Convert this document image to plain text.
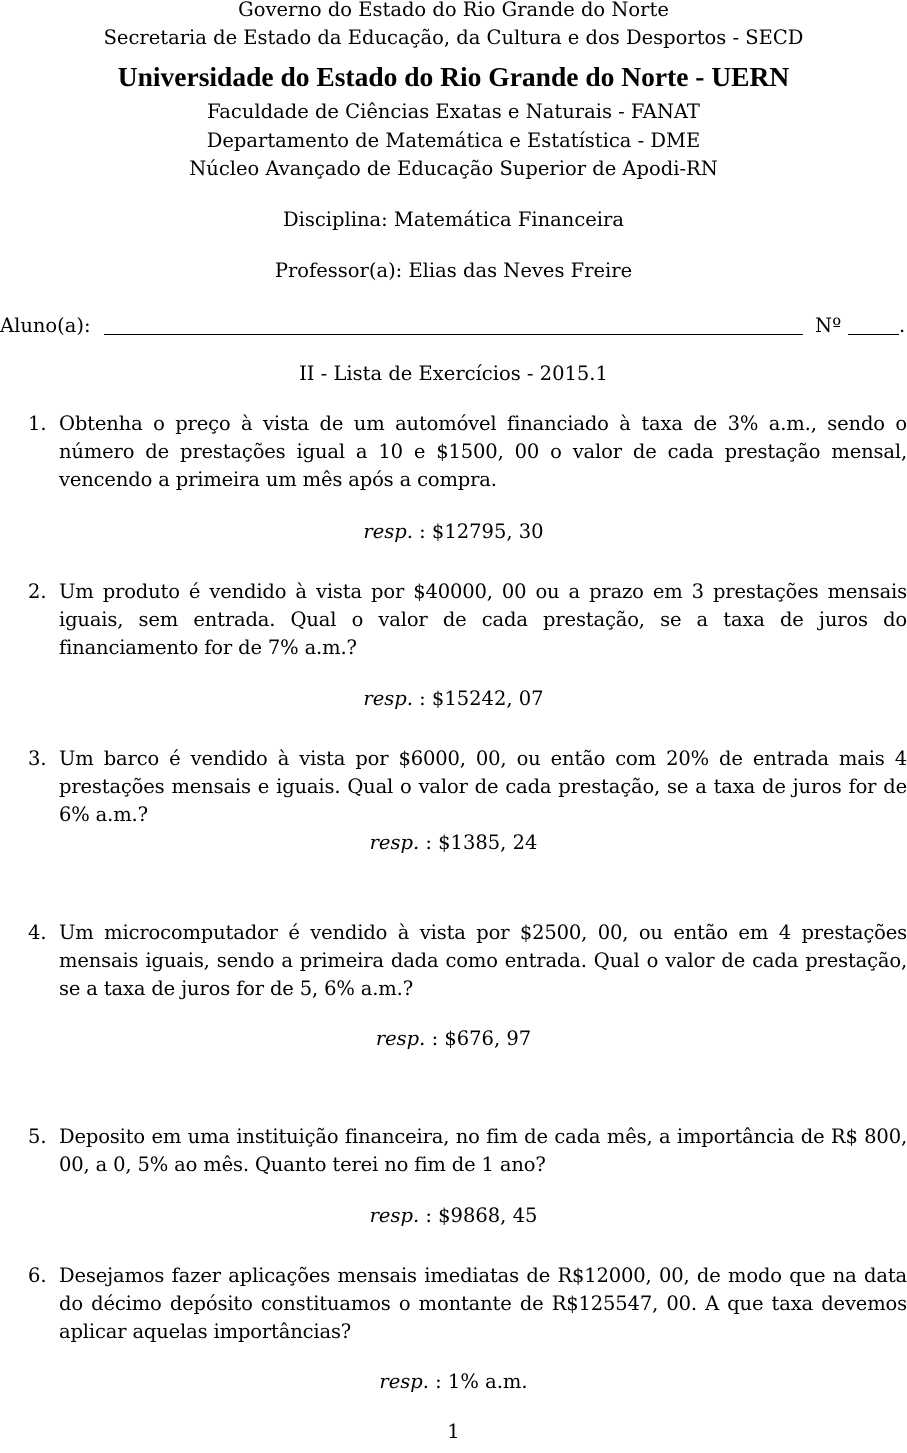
Governo do Estado do Rio Grande do Norte
Secretaria de Estado da Educação, da Cultura e dos Desportos - SECD
Universidade do Estado do Rio Grande do Norte - UERN
Faculdade de Ciências Exatas e Naturais - FANAT
Departamento de Matemática e Estatística - DME
Núcleo Avançado de Educação Superior de Apodi-RN
Disciplina: Matemática Financeira
Professor(a): Elias das Neves Freire
Aluno(a):	Nº	.
II - Lista de Exercícios - 2015.1
1. Obtenha o preço à vista de um automóvel financiado à taxa de 3% a.m., sendo o número de prestações igual a 10 e $1500, 00 o valor de cada prestação mensal, vencendo a primeira um mês após a compra.
resp. : $12795, 30
2. Um produto é vendido à vista por $40000, 00 ou a prazo em 3 prestações mensais iguais, sem entrada. Qual o valor de cada prestação, se a taxa de juros do financiamento for de 7% a.m.?
resp. : $15242, 07
3. Um barco é vendido à vista por $6000, 00, ou então com 20% de entrada mais 4 prestações mensais e iguais. Qual o valor de cada prestação, se a taxa de juros for de 6% a.m.?
resp. : $1385, 24
4. Um microcomputador é vendido à vista por $2500, 00, ou então em 4 prestações mensais iguais, sendo a primeira dada como entrada. Qual o valor de cada prestação, se a taxa de juros for de 5, 6% a.m.?
resp. : $676, 97
5. Deposito em uma instituição financeira, no fim de cada mês, a importância de R$ 800, 00, a 0, 5% ao mês. Quanto terei no fim de 1 ano?
resp. : $9868, 45
6. Desejamos fazer aplicações mensais imediatas de R$12000, 00, de modo que na data do décimo depósito constituamos o montante de R$125547, 00. A que taxa devemos aplicar aquelas importâncias?
resp. : 1% a.m.
1
